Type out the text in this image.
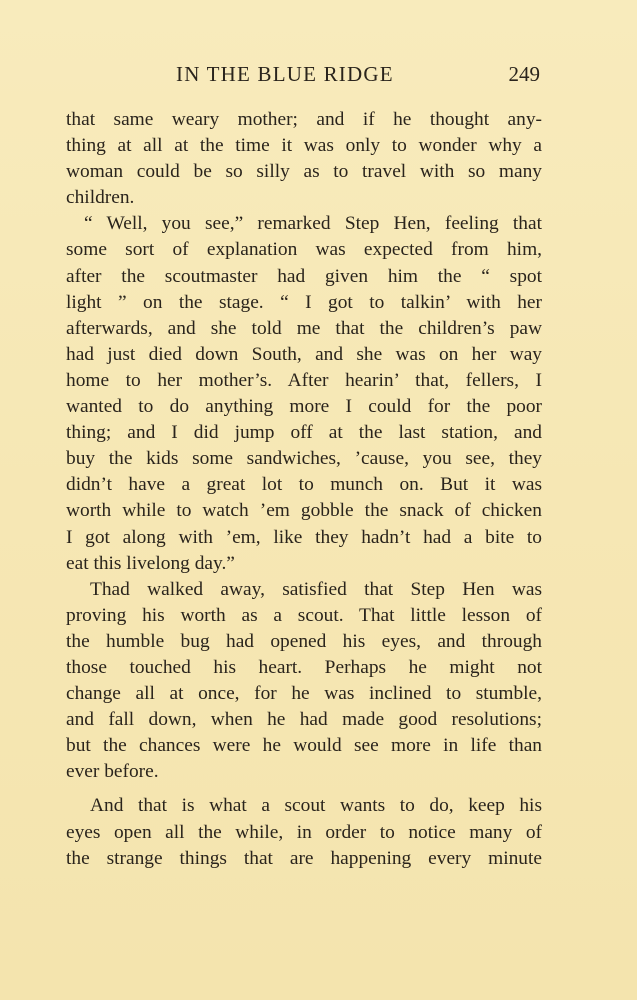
IN THE BLUE RIDGE	249
that same weary mother; and if he thought any-
thing at all at the time it was only to wonder why a
woman could be so silly as to travel with so many
children.
“ Well, you see,” remarked Step Hen, feeling that
some sort of explanation was expected from him,
after the scoutmaster had given him the “ spot
light ” on the stage. “ I got to talkin’ with her
afterwards, and she told me that the children’s paw
had just died down South, and she was on her way
home to her mother’s. After hearin’ that, fellers, I
wanted to do anything more I could for the poor
thing; and I did jump off at the last station, and
buy the kids some sandwiches, ’cause, you see, they
didn’t have a great lot to munch on. But it was
worth while to watch ’em gobble the snack of chicken
I got along with ’em, like they hadn’t had a bite to
eat this livelong day.”
Thad walked away, satisfied that Step Hen was
proving his worth as a scout. That little lesson of
the humble bug had opened his eyes, and through
those touched his heart. Perhaps he might not
change all at once, for he was inclined to stumble,
and fall down, when he had made good resolutions;
but the chances were he would see more in life than
ever before.
And that is what a scout wants to do, keep his
eyes open all the while, in order to notice many of
the strange things that are happening every minute
